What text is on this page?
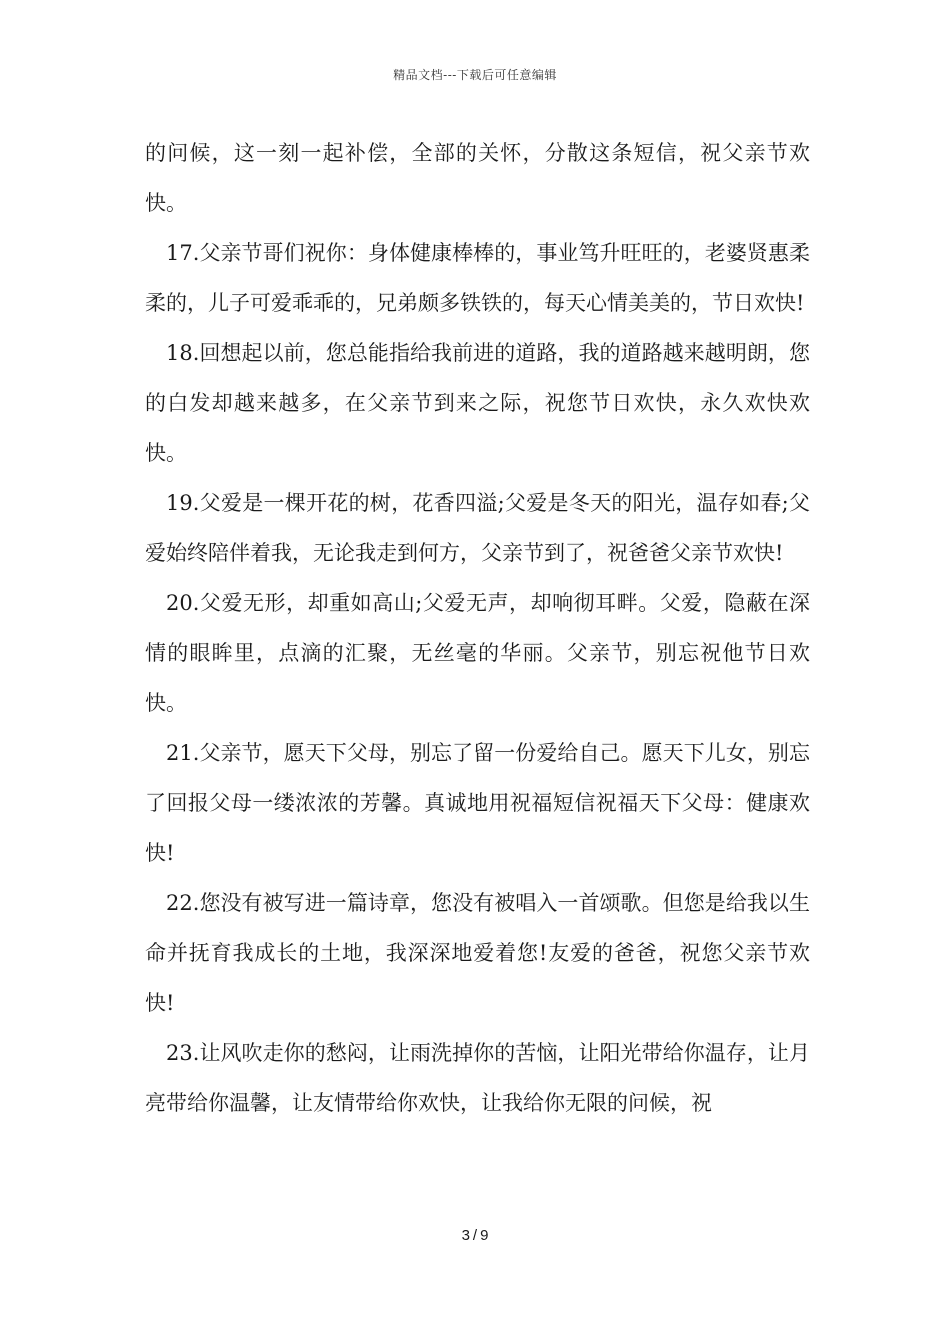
精品文档---下载后可任意编辑

的问候，这一刻一起补偿，全部的关怀，分散这条短信，祝父亲节欢快。

17.父亲节哥们祝你：身体健康棒棒的，事业笃升旺旺的，老婆贤惠柔柔的，儿子可爱乖乖的，兄弟颇多铁铁的，每天心情美美的，节日欢快!

18.回想起以前，您总能指给我前进的道路，我的道路越来越明朗，您的白发却越来越多，在父亲节到来之际，祝您节日欢快，永久欢快欢快。

19.父爱是一棵开花的树，花香四溢;父爱是冬天的阳光，温存如春;父爱始终陪伴着我，无论我走到何方，父亲节到了，祝爸爸父亲节欢快!

20.父爱无形，却重如高山;父爱无声，却响彻耳畔。父爱，隐蔽在深情的眼眸里，点滴的汇聚，无丝毫的华丽。父亲节，别忘祝他节日欢快。

21.父亲节，愿天下父母，别忘了留一份爱给自己。愿天下儿女，别忘了回报父母一缕浓浓的芳馨。真诚地用祝福短信祝福天下父母：健康欢快!

22.您没有被写进一篇诗章，您没有被唱入一首颂歌。但您是给我以生命并抚育我成长的土地，我深深地爱着您!友爱的爸爸，祝您父亲节欢快!

23.让风吹走你的愁闷，让雨洗掉你的苦恼，让阳光带给你温存，让月亮带给你温馨，让友情带给你欢快，让我给你无限的问候，祝

3 / 9
